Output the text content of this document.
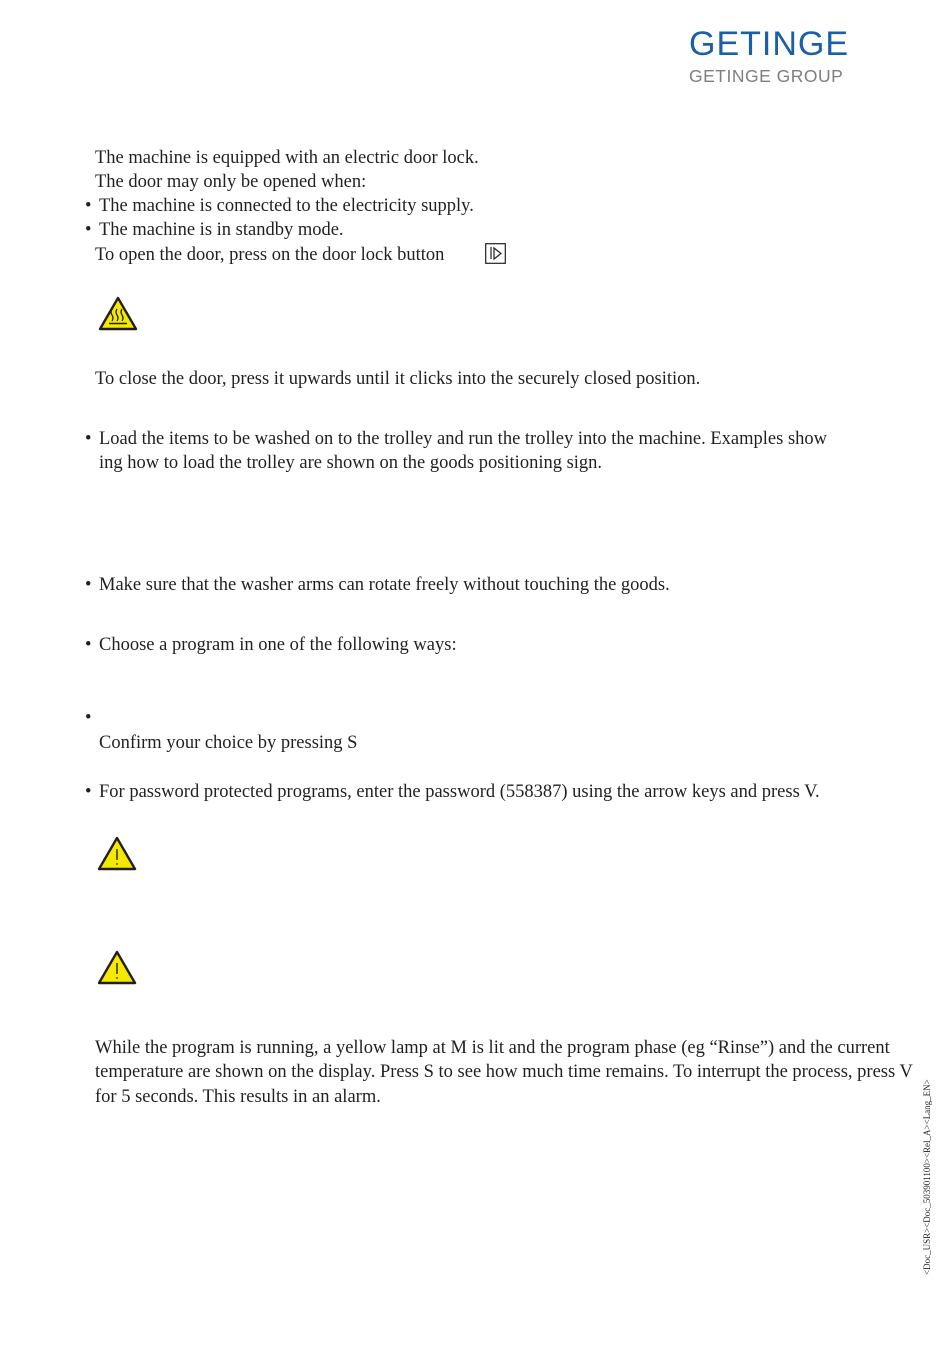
GETINGE
GETINGE GROUP
The machine is equipped with an electric door lock.
The door may only be opened when:
• The machine is connected to the electricity supply.
• The machine is in standby mode.
To open the door, press on the door lock button
To close the door, press it upwards until it clicks into the securely closed position.
• Load the items to be washed on to the trolley and run the trolley into the machine. Examples show
ing how to load the trolley are shown on the goods positioning sign.
• Make sure that the washer arms can rotate freely without touching the goods.
• Choose a program in one of the following ways:
•
Confirm your choice by pressing S
• For password protected programs, enter the password (558387) using the arrow keys and press V.
While the program is running, a yellow lamp at M is lit and the program phase (eg “Rinse”) and the current temperature are shown on the display. Press S to see how much time remains. To interrupt the process, press V for 5 seconds. This results in an alarm.	<Doc_USR><Doc_503901100><Rel_A><Lang_EN>
